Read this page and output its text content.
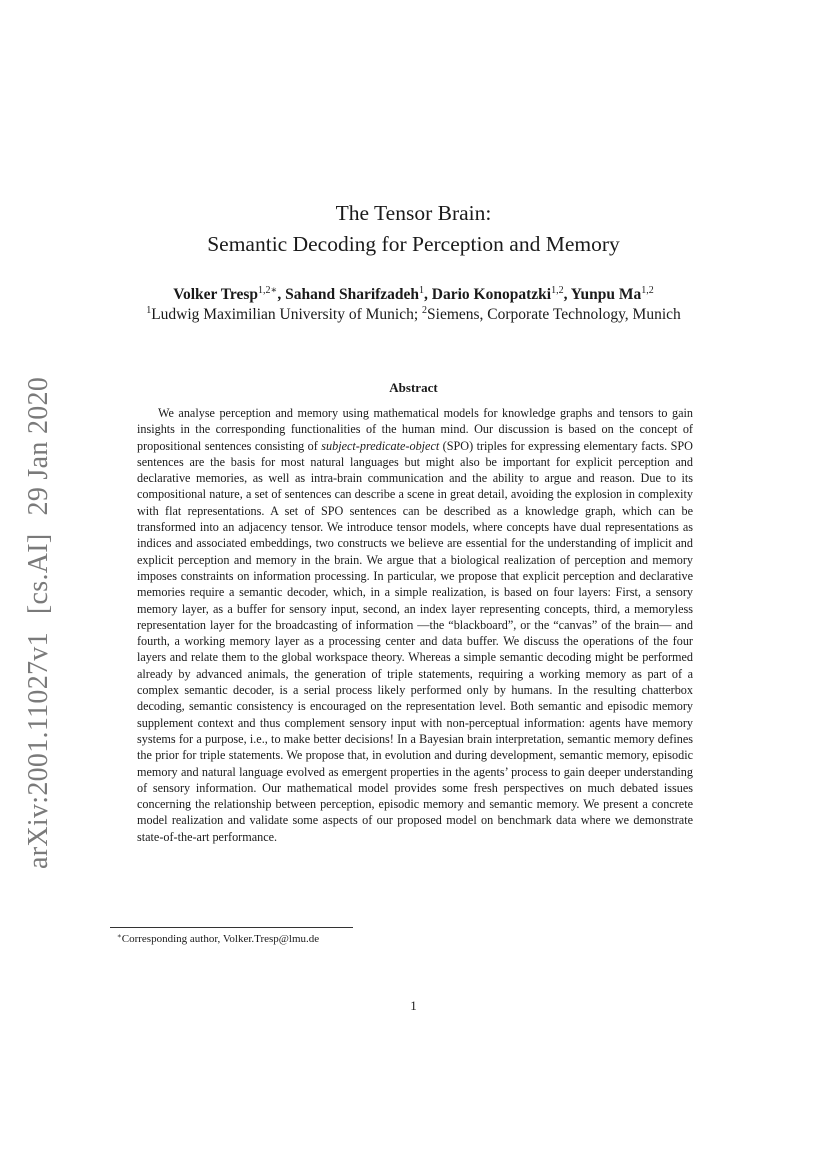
arXiv:2001.11027v1[cs.AI]29 Jan 2020
The Tensor Brain:
Semantic Decoding for Perception and Memory
Volker Tresp$^{1,2∗}$, Sahand Sharifzadeh$^1$, Dario Konopatzki$^{1,2}$, Yunpu Ma$^{1,2}$
$^1$Ludwig Maximilian University of Munich; $^2$Siemens, Corporate Technology, Munich
Abstract

We analyse perception and memory using mathematical models for knowledge graphs and tensors to gain insights in the corresponding functionalities of the human mind. Our discussion is based on the concept of propositional sentences consisting of subject-predicate-object (SPO) triples for expressing elementary facts. SPO sentences are the basis for most natural languages but might also be important for explicit perception and declarative memories, as well as intra-brain communication and the ability to argue and reason. Due to its compositional nature, a set of sentences can describe a scene in great detail, avoiding the explosion in complexity with flat representations. A set of SPO sentences can be described as a knowledge graph, which can be transformed into an adjacency tensor. We introduce tensor models, where concepts have dual representations as indices and associated embeddings, two constructs we believe are essential for the understanding of implicit and explicit perception and memory in the brain. We argue that a biological realization of perception and memory imposes constraints on information processing. In particular, we propose that explicit perception and declarative memories require a semantic decoder, which, in a simple realization, is based on four layers: First, a sensory memory layer, as a buffer for sensory input, second, an index layer representing concepts, third, a memoryless representation layer for the broadcasting of information —the “blackboard”, or the “canvas” of the brain— and fourth, a working memory layer as a processing center and data buffer. We discuss the operations of the four layers and relate them to the global workspace theory. Whereas a simple semantic decoding might be performed already by advanced animals, the generation of triple statements, requiring a working memory as part of a complex semantic decoder, is a serial process likely performed only by humans. In the resulting chatterbox decoding, semantic consistency is encouraged on the representation level. Both semantic and episodic memory supplement context and thus complement sensory input with non-perceptual information: agents have memory systems for a purpose, i.e., to make better decisions! In a Bayesian brain interpretation, semantic memory defines the prior for triple statements. We propose that, in evolution and during development, semantic memory, episodic memory and natural language evolved as emergent properties in the agents’ process to gain deeper understanding of sensory information. Our mathematical model provides some fresh perspectives on much debated issues concerning the relationship between perception, episodic memory and semantic memory. We present a concrete model realization and validate some aspects of our proposed model on benchmark data where we demonstrate state-of-the-art performance.

∗Corresponding author, Volker.Tresp@lmu.de
1
